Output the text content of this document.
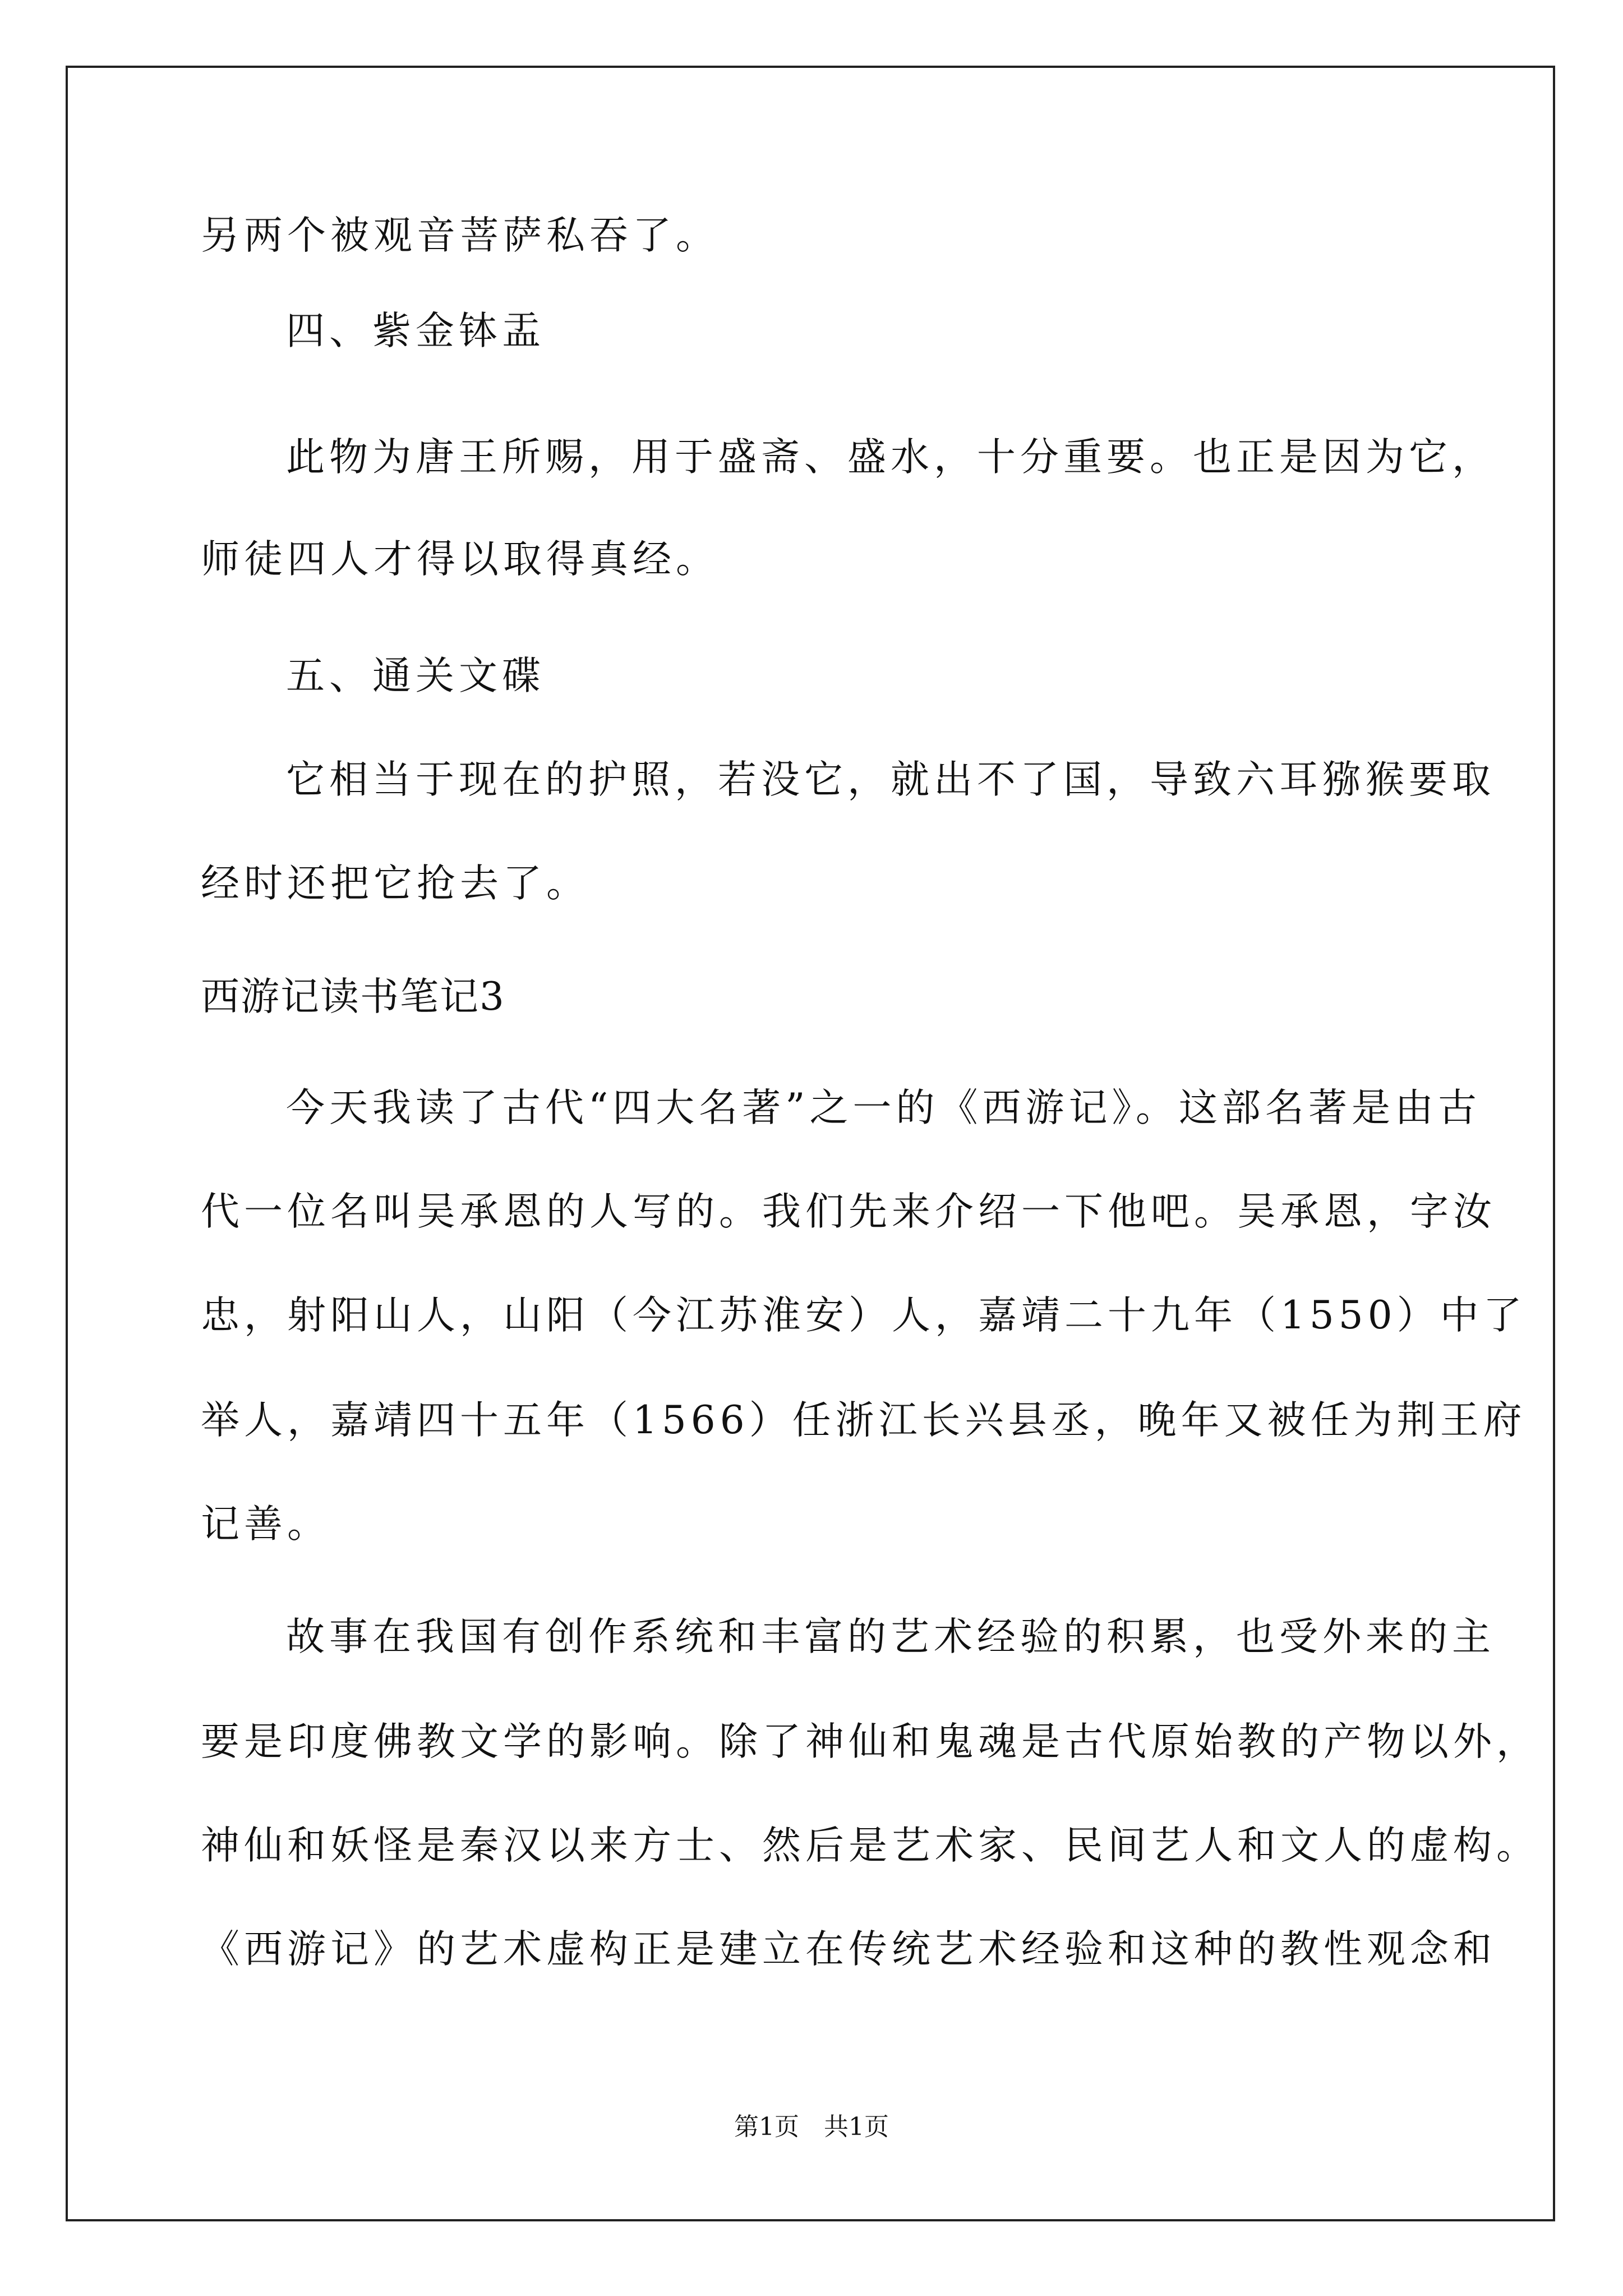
另两个被观音菩萨私吞了。

四、紫金钵盂

此物为唐王所赐，用于盛斋、盛水，十分重要。也正是因为它，

师徒四人才得以取得真经。

五、通关文碟

它相当于现在的护照，若没它，就出不了国，导致六耳猕猴要取

经时还把它抢去了。

西游记读书笔记3

今天我读了古代“四大名著”之一的《西游记》。这部名著是由古

代一位名叫吴承恩的人写的。我们先来介绍一下他吧。吴承恩，字汝

忠，射阳山人，山阳（今江苏淮安）人，嘉靖二十九年（1550）中了

举人，嘉靖四十五年（1566）任浙江长兴县丞，晚年又被任为荆王府

记善。

故事在我国有创作系统和丰富的艺术经验的积累，也受外来的主

要是印度佛教文学的影响。除了神仙和鬼魂是古代原始教的产物以外，

神仙和妖怪是秦汉以来方士、然后是艺术家、民间艺人和文人的虚构。

《西游记》的艺术虚构正是建立在传统艺术经验和这种的教性观念和

第1页　共1页
